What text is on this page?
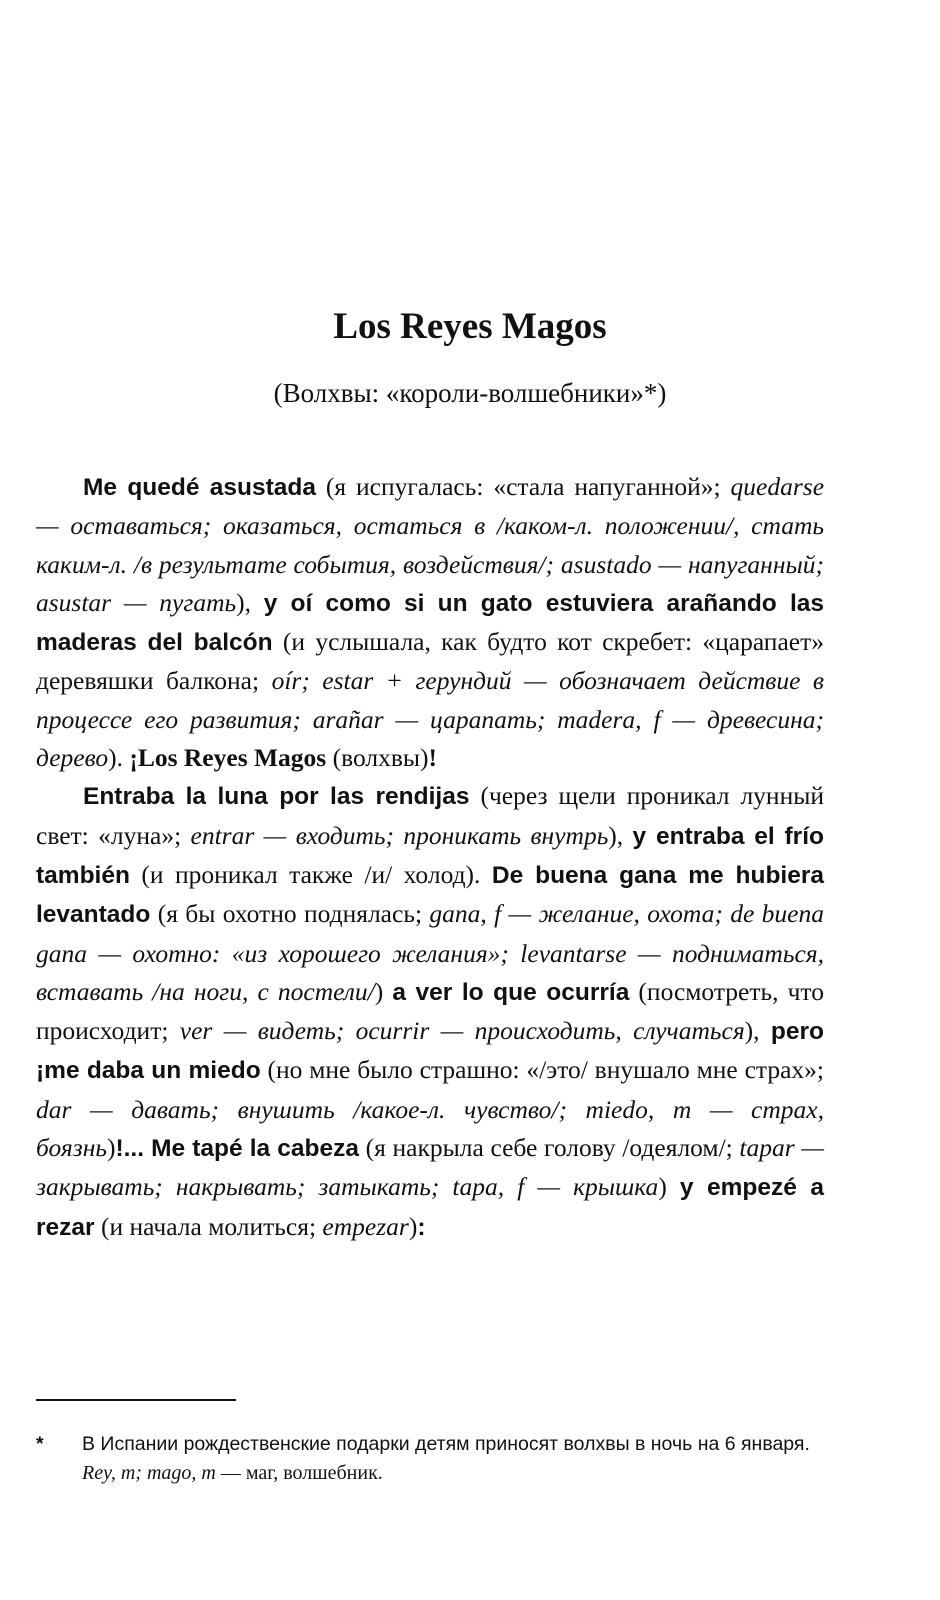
Los Reyes Magos
(Волхвы: «короли-волшебники»*)

Me quedé asustada (я испугалась: «стала напуганной»; quedarse — оставаться; оказаться, остаться в /каком-л. положении/, стать каким-л. /в результате события, воздействия/; asustado — напуганный; asustar — пугать), y oí como si un gato estuviera arañando las maderas del balcón (и услышала, как будто кот скребет: «царапает» деревяшки балкона; oír; estar + герундий — обозначает действие в процессе его развития; arañar — царапать; madera, f — древесина; дерево). ¡Los Reyes Magos (волхвы)!

Entraba la luna por las rendijas (через щели проникал лунный свет: «луна»; entrar — входить; проникать внутрь), y entraba el frío también (и проникал также /и/ холод). De buena gana me hubiera levantado (я бы охотно поднялась; gana, f — желание, охота; de buena gana — охотно: «из хорошего желания»; levantarse — подниматься, вставать /на ноги, с постели/) a ver lo que ocurría (посмотреть, что происходит; ver — видеть; ocurrir — происходить, случаться), pero ¡me daba un miedo (но мне было страшно: «/это/ внушало мне страх»; dar — давать; внушить /какое-л. чувство/; miedo, m — страх, боязнь)!... Me tapé la cabeza (я накрыла себе голову /одеялом/; tapar — закрывать; накрывать; затыкать; tapa, f — крышка) y empezé a rezar (и начала молиться; empezar):

* В Испании рождественские подарки детям приносят волхвы в ночь на 6 января. Rey, m; mago, m — маг, волшебник.
